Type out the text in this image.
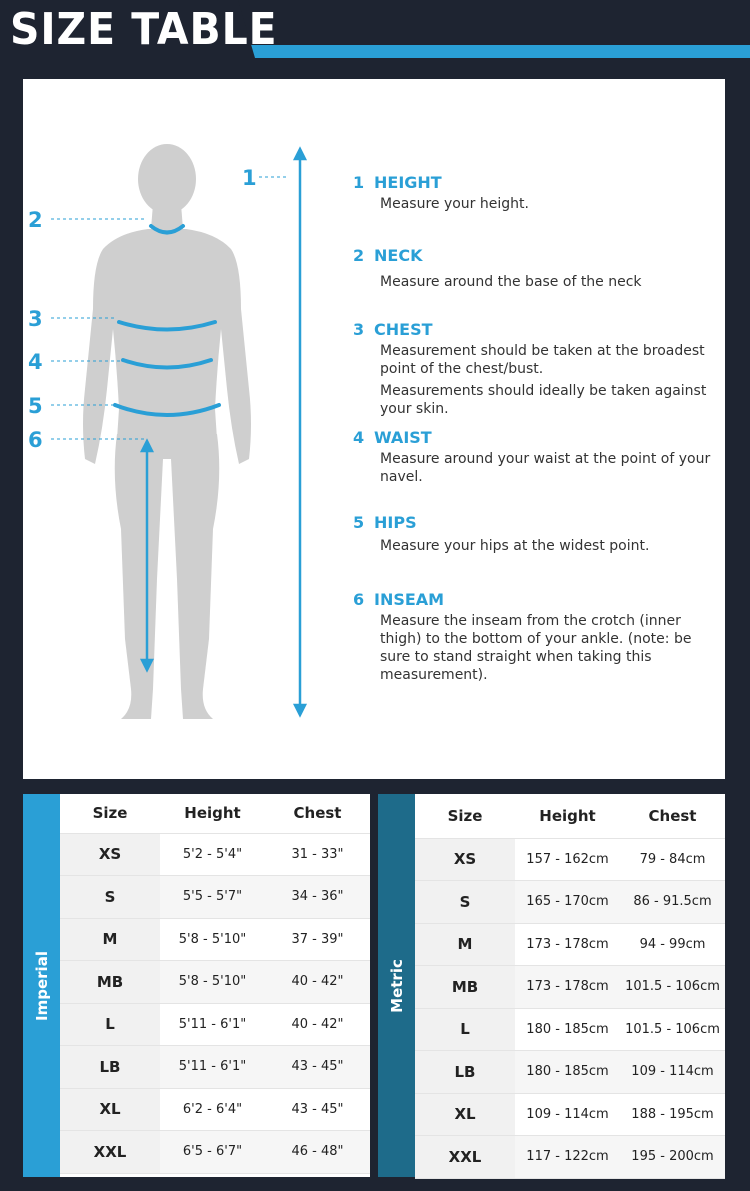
SIZE TABLE
1
2
3
4
5
6
1 HEIGHT
Measure your height.
2 NECK
Measure around the base of the neck
3 CHEST
Measurement should be taken at the broadest point of the chest/bust.
Measurements should ideally be taken against your skin.
4 WAIST
Measure around your waist at the point of your navel.
5 HIPS
Measure your hips at the widest point.
6 INSEAM
Measure the inseam from the crotch (inner thigh) to the bottom of your ankle. (note: be sure to stand straight when taking this measurement).
Imperial
Size	Height	Chest
XS	5'2 - 5'4"	31 - 33"
S	5'5 - 5'7"	34 - 36"
M	5'8 - 5'10"	37 - 39"
MB	5'8 - 5'10"	40 - 42"
L	5'11 - 6'1"	40 - 42"
LB	5'11 - 6'1"	43 - 45"
XL	6'2 - 6'4"	43 - 45"
XXL	6'5 - 6'7"	46 - 48"
Metric
Size	Height	Chest
XS	157 - 162cm	79 - 84cm
S	165 - 170cm	86 - 91.5cm
M	173 - 178cm	94 - 99cm
MB	173 - 178cm	101.5 - 106cm
L	180 - 185cm	101.5 - 106cm
LB	180 - 185cm	109 - 114cm
XL	109 - 114cm	188 - 195cm
XXL	117 - 122cm	195 - 200cm
